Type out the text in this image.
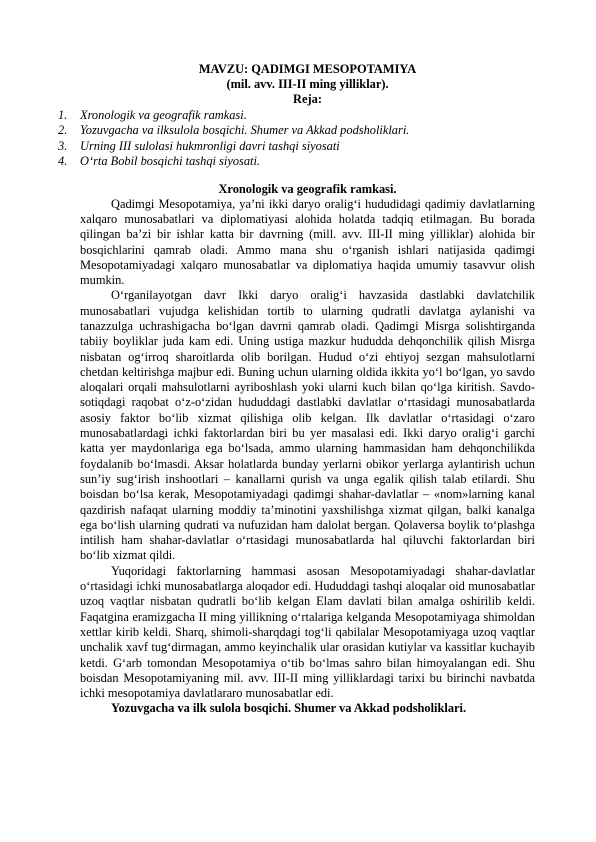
MAVZU: QADIMGI MESOPOTAMIYA
(mil. avv. III-II ming yilliklar).
Reja:
1.	Xronologik va geografik ramkasi.
2.	Yozuvgacha va ilksulola bosqichi. Shumer va Akkad podsholiklari.
3.	Urning III sulolasi hukmronligi davri tashqi siyosati
4.	O‘rta Bobil bosqichi tashqi siyosati.
Xronologik va geografik ramkasi.

Qadimgi Mesopotamiya, ya’ni ikki daryo oralig‘i hududidagi qadimiy davlatlarning xalqaro munosabatlari va diplomatiyasi alohida holatda tadqiq etilmagan. Bu borada qilingan ba’zi bir ishlar katta bir davrning (mill. avv. III-II ming yilliklar) alohida bir bosqichlarini qamrab oladi. Ammo mana shu o‘rganish ishlari natijasida qadimgi Mesopotamiyadagi xalqaro munosabatlar va diplomatiya haqida umumiy tasavvur olish mumkin.

O‘rganilayotgan davr Ikki daryo oralig‘i havzasida dastlabki davlatchilik munosabatlari vujudga kelishidan tortib to ularning qudratli davlatga aylanishi va tanazzulga uchrashigacha bo‘lgan davrni qamrab oladi. Qadimgi Misrga solishtirganda tabiiy boyliklar juda kam edi. Uning ustiga mazkur hududda dehqonchilik qilish Misrga nisbatan og‘irroq sharoitlarda olib borilgan. Hudud o‘zi ehtiyoj sezgan mahsulotlarni chetdan keltirishga majbur edi. Buning uchun ularning oldida ikkita yo‘l bo‘lgan, yo savdo aloqalari orqali mahsulotlarni ayriboshlash yoki ularni kuch bilan qo‘lga kiritish. Savdo-sotiqdagi raqobat o‘z-o‘zidan hududdagi dastlabki davlatlar o‘rtasidagi munosabatlarda asosiy faktor bo‘lib xizmat qilishiga olib kelgan. Ilk davlatlar o‘rtasidagi o‘zaro munosabatlardagi ichki faktorlardan biri bu yer masalasi edi. Ikki daryo oralig‘i garchi katta yer maydonlariga ega bo‘lsada, ammo ularning hammasidan ham dehqonchilikda foydalanib bo‘lmasdi. Aksar holatlarda bunday yerlarni obikor yerlarga aylantirish uchun sun’iy sug‘irish inshootlari – kanallarni qurish va unga egalik qilish talab etilardi. Shu boisdan bo‘lsa kerak, Mesopotamiyadagi qadimgi shahar-davlatlar – «nom»larning kanal qazdirish nafaqat ularning moddiy ta’minotini yaxshilishga xizmat qilgan, balki kanalga ega bo‘lish ularning qudrati va nufuzidan ham dalolat bergan. Qolaversa boylik to‘plashga intilish ham shahar-davlatlar o‘rtasidagi munosabatlarda hal qiluvchi faktorlardan biri bo‘lib xizmat qildi.

Yuqoridagi faktorlarning hammasi asosan Mesopotamiyadagi shahar-davlatlar o‘rtasidagi ichki munosabatlarga aloqador edi. Hududdagi tashqi aloqalar oid munosabatlar uzoq vaqtlar nisbatan qudratli bo‘lib kelgan Elam davlati bilan amalga oshirilib keldi. Faqatgina eramizgacha II ming yillikning o‘rtalariga kelganda Mesopotamiyaga shimoldan xettlar kirib keldi. Sharq, shimoli-sharqdagi tog‘li qabilalar Mesopotamiyaga uzoq vaqtlar unchalik xavf tug‘dirmagan, ammo keyinchalik ular orasidan kutiylar va kassitlar kuchayib ketdi. G‘arb tomondan Mesopotamiya o‘tib bo‘lmas sahro bilan himoyalangan edi. Shu boisdan Mesopotamiyaning mil. avv. III-II ming yilliklardagi tarixi bu birinchi navbatda ichki mesopotamiya davlatlararo munosabatlar edi.

Yozuvgacha va ilk sulola bosqichi. Shumer va Akkad podsholiklari.
